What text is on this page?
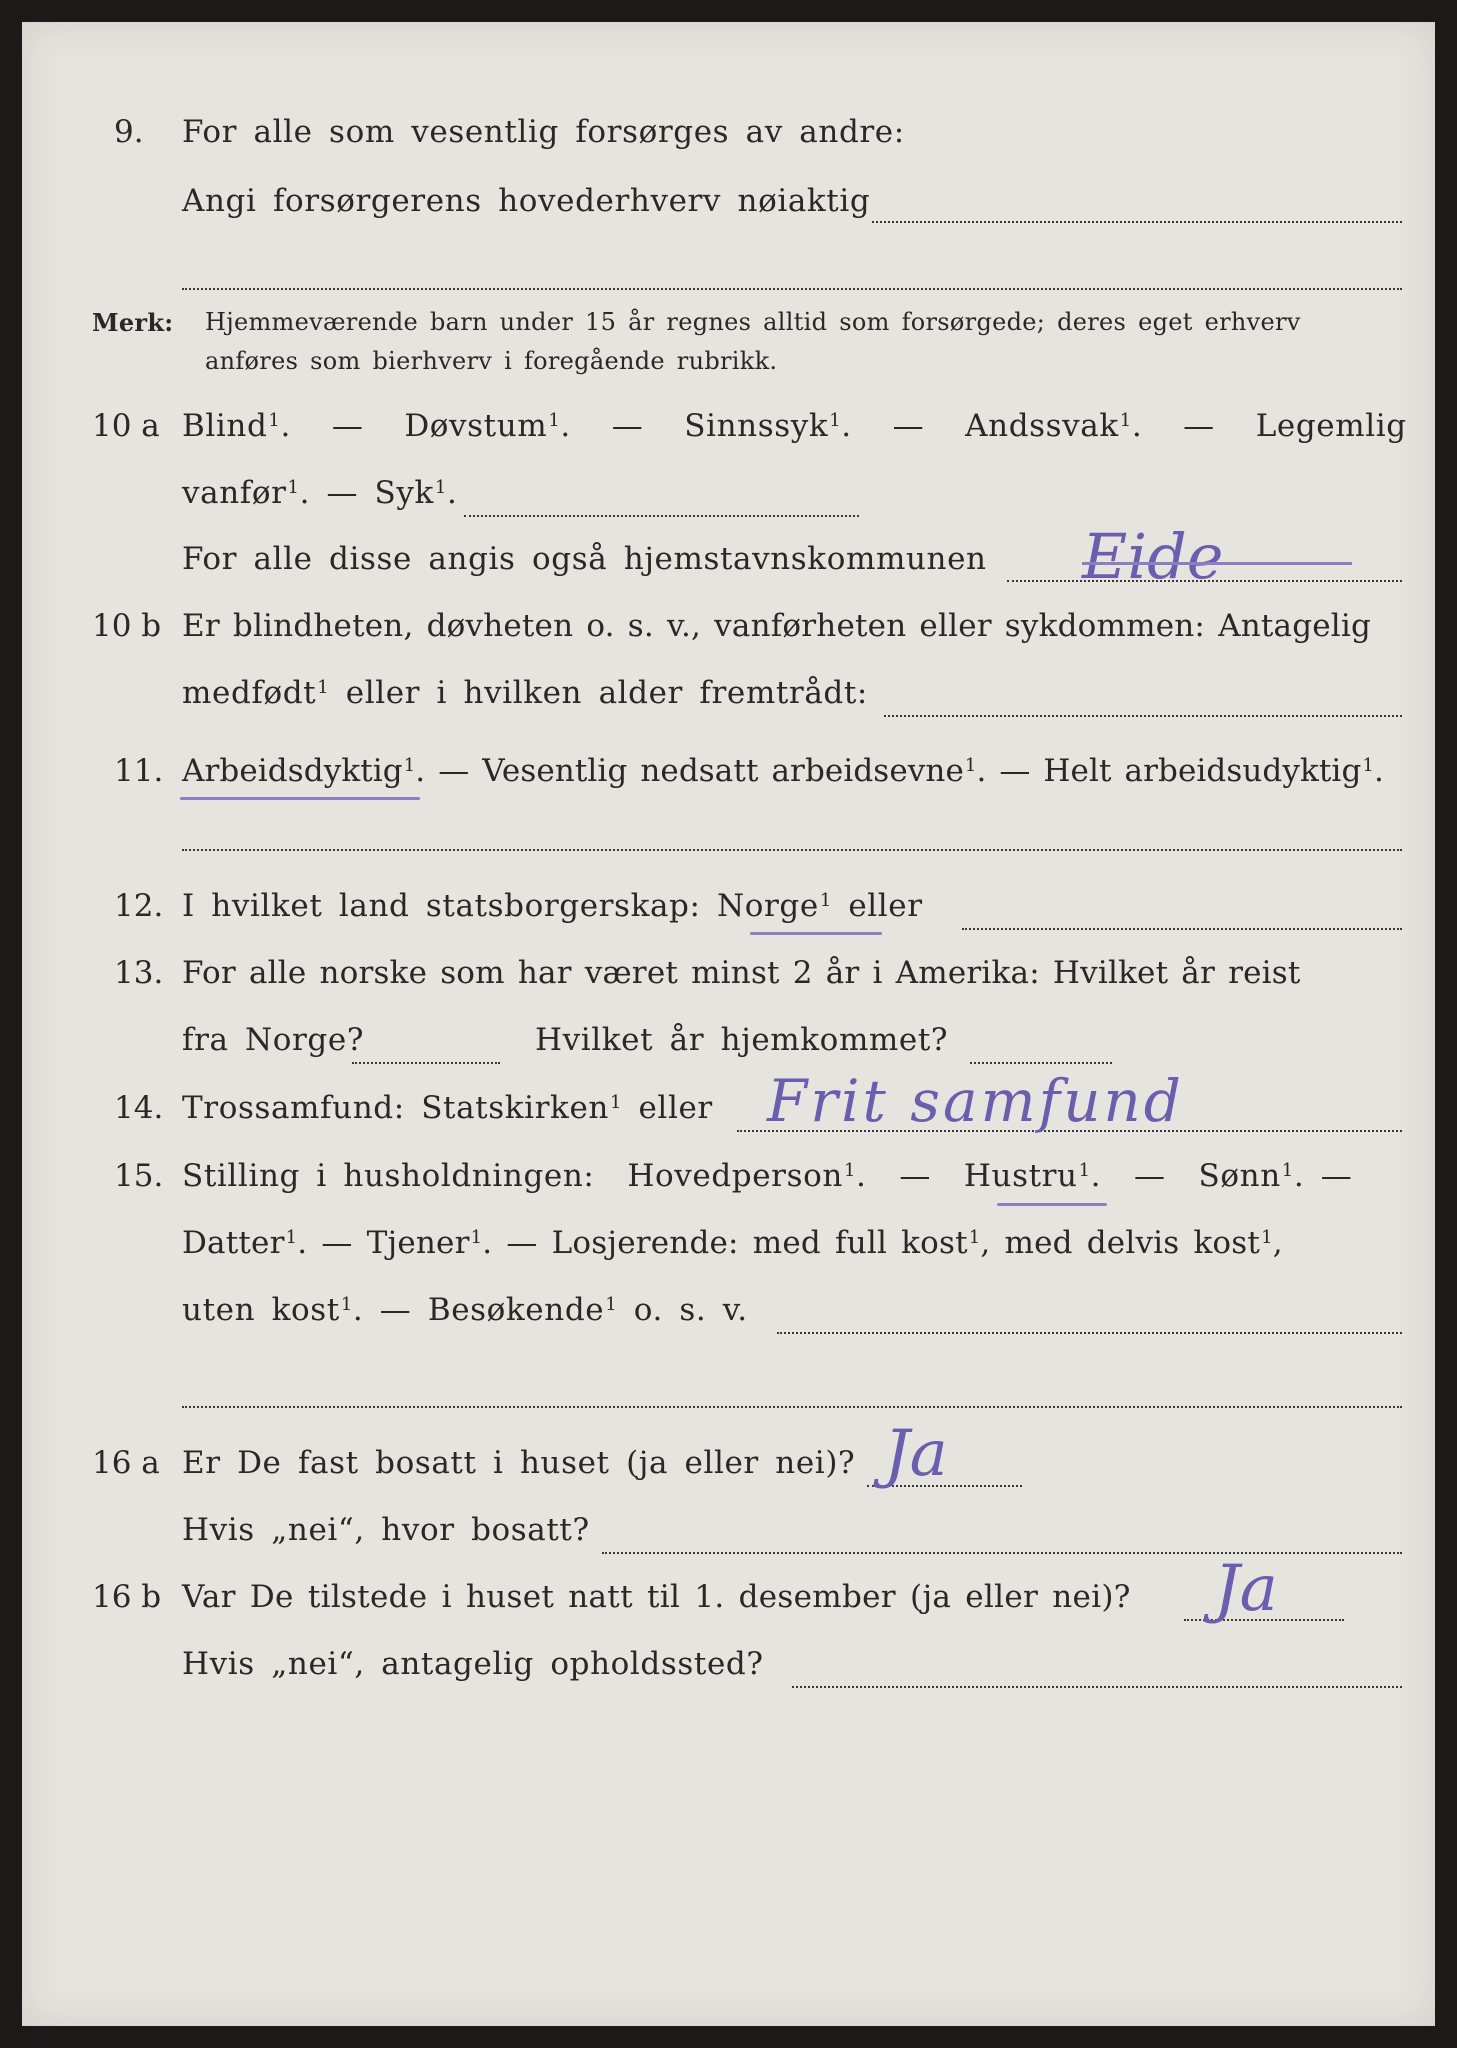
9. For alle som vesentlig forsørges av andre:
Angi forsørgerens hovederhverv nøiaktig
Merk: Hjemmeværende barn under 15 år regnes alltid som forsørgede; deres eget erhverv
anføres som bierhverv i foregående rubrikk.
10 a Blind$^1$.  —  Døvstum$^1$.  —  Sinnssyk$^1$.  —  Andssvak$^1$.  —  Legemlig
vanfør$^1$. — Syk$^1$.
For alle disse angis også hjemstavnskommunen Eide
10 b Er blindheten, døvheten o. s. v., vanførheten eller sykdommen: Antagelig
medfødt$^1$ eller i hvilken alder fremtrådt:
11. Arbeidsdyktig$^1$. — Vesentlig nedsatt arbeidsevne$^1$. — Helt arbeidsudyktig$^1$.
12. I hvilket land statsborgerskap: Norge$^1$ eller
13. For alle norske som har været minst 2 år i Amerika: Hvilket år reist
fra Norge?	Hvilket år hjemkommet?
14. Trossamfund: Statskirken$^1$ eller Frit samfund
15. Stilling i husholdningen: Hovedperson$^1$.  —  Hustru$^1$.  —  Sønn$^1$. —
Datter$^1$. — Tjener$^1$. — Losjerende: med full kost$^1$, med delvis kost$^1$,
uten kost$^1$. — Besøkende$^1$ o. s. v.
16 a Er De fast bosatt i huset (ja eller nei)? Ja
Hvis „nei“, hvor bosatt?
16 b Var De tilstede i huset natt til 1. desember (ja eller nei)? Ja
Hvis „nei“, antagelig opholdssted?
